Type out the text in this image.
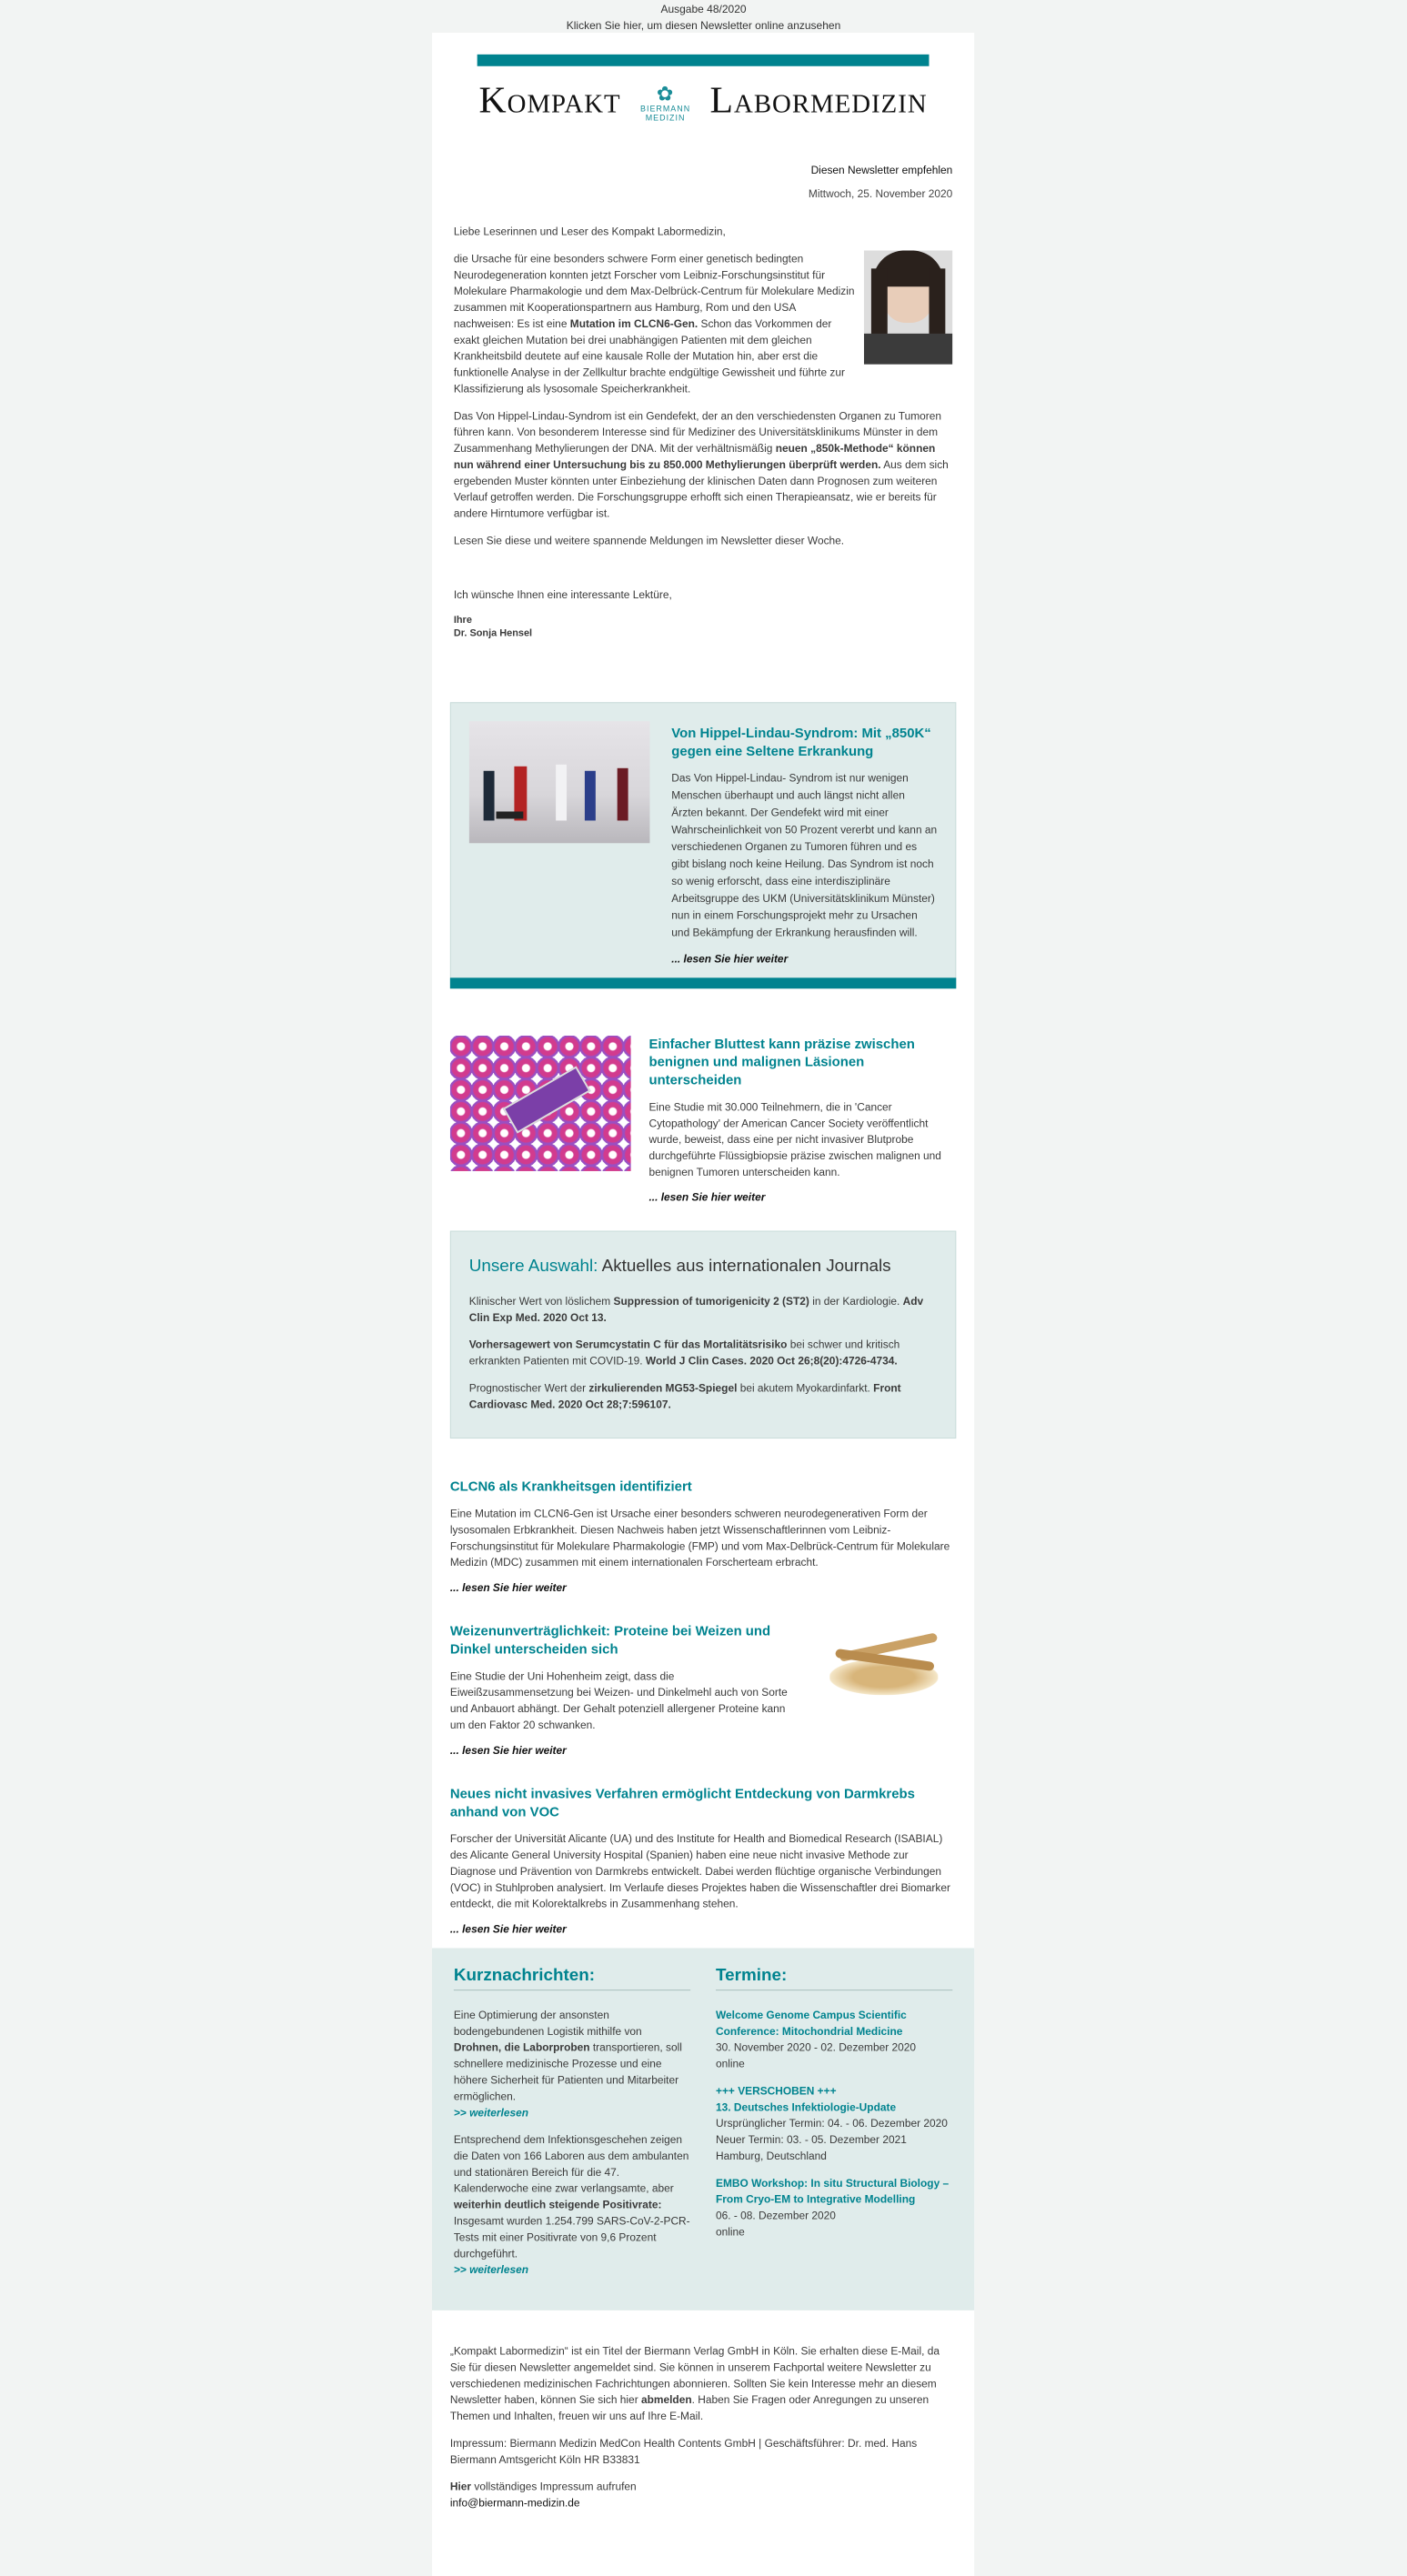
Ausgabe 48/2020
Klicken Sie hier, um diesen Newsletter online anzusehen
Kompakt	✿
BIERMANN
MEDIZIN Labormedizin
Diesen Newsletter empfehlen
Mittwoch, 25. November 2020

Liebe Leserinnen und Leser des Kompakt Labormedizin,

die Ursache für eine besonders schwere Form einer genetisch bedingten Neurodegeneration konnten jetzt Forscher vom Leibniz-Forschungsinstitut für Molekulare Pharmakologie und dem Max-Delbrück-Centrum für Molekulare Medizin zusammen mit Kooperationspartnern aus Hamburg, Rom und den USA nachweisen: Es ist eine Mutation im CLCN6-Gen. Schon das Vorkommen der exakt gleichen Mutation bei drei unabhängigen Patienten mit dem gleichen Krankheitsbild deutete auf eine kausale Rolle der Mutation hin, aber erst die funktionelle Analyse in der Zellkultur brachte endgültige Gewissheit und führte zur Klassifizierung als lysosomale Speicherkrankheit.

Das Von Hippel-Lindau-Syndrom ist ein Gendefekt, der an den verschiedensten Organen zu Tumoren führen kann. Von besonderem Interesse sind für Mediziner des Universitätsklinikums Münster in dem Zusammenhang Methylierungen der DNA. Mit der verhältnismäßig neuen „850k-Methode“ können nun während einer Untersuchung bis zu 850.000 Methylierungen überprüft werden. Aus dem sich ergebenden Muster könnten unter Einbeziehung der klinischen Daten dann Prognosen zum weiteren Verlauf getroffen werden. Die Forschungsgruppe erhofft sich einen Therapieansatz, wie er bereits für andere Hirntumore verfügbar ist.

Lesen Sie diese und weitere spannende Meldungen im Newsletter dieser Woche.

Ich wünsche Ihnen eine interessante Lektüre,

Ihre
Dr. Sonja Hensel
Von Hippel-Lindau-Syndrom: Mit „850K“ gegen eine Seltene Erkrankung

Das Von Hippel-Lindau- Syndrom ist nur wenigen Menschen überhaupt und auch längst nicht allen Ärzten bekannt. Der Gendefekt wird mit einer Wahrscheinlichkeit von 50 Prozent vererbt und kann an verschiedenen Organen zu Tumoren führen und es gibt bislang noch keine Heilung. Das Syndrom ist noch so wenig erforscht, dass eine interdisziplinäre Arbeitsgruppe des UKM (Universitätsklinikum Münster) nun in einem Forschungsprojekt mehr zu Ursachen und Bekämpfung der Erkrankung herausfinden will.

... lesen Sie hier weiter
Einfacher Bluttest kann präzise zwischen benignen und malignen Läsionen unterscheiden

Eine Studie mit 30.000 Teilnehmern, die in 'Cancer Cytopathology' der American Cancer Society veröffentlicht wurde, beweist, dass eine per nicht invasiver Blutprobe durchgeführte Flüssigbiopsie präzise zwischen malignen und benignen Tumoren unterscheiden kann.

... lesen Sie hier weiter
Unsere Auswahl: Aktuelles aus internationalen Journals

Klinischer Wert von löslichem Suppression of tumorigenicity 2 (ST2) in der Kardiologie. Adv Clin Exp Med. 2020 Oct 13.

Vorhersagewert von Serumcystatin C für das Mortalitätsrisiko bei schwer und kritisch erkrankten Patienten mit COVID-19. World J Clin Cases. 2020 Oct 26;8(20):4726-4734.

Prognostischer Wert der zirkulierenden MG53-Spiegel bei akutem Myokardinfarkt. Front Cardiovasc Med. 2020 Oct 28;7:596107.

CLCN6 als Krankheitsgen identifiziert

Eine Mutation im CLCN6-Gen ist Ursache einer besonders schweren neurodegenerativen Form der lysosomalen Erbkrankheit. Diesen Nachweis haben jetzt Wissenschaftlerinnen vom Leibniz-Forschungsinstitut für Molekulare Pharmakologie (FMP) und vom Max-Delbrück-Centrum für Molekulare Medizin (MDC) zusammen mit einem internationalen Forscherteam erbracht.

... lesen Sie hier weiter
Weizenunverträglichkeit: Proteine bei Weizen und Dinkel unterscheiden sich

Eine Studie der Uni Hohenheim zeigt, dass die Eiweißzusammensetzung bei Weizen- und Dinkelmehl auch von Sorte und Anbauort abhängt. Der Gehalt potenziell allergener Proteine kann um den Faktor 20 schwanken.

... lesen Sie hier weiter
Neues nicht invasives Verfahren ermöglicht Entdeckung von Darmkrebs anhand von VOC

Forscher der Universität Alicante (UA) und des Institute for Health and Biomedical Research (ISABIAL) des Alicante General University Hospital (Spanien) haben eine neue nicht invasive Methode zur Diagnose und Prävention von Darmkrebs entwickelt. Dabei werden flüchtige organische Verbindungen (VOC) in Stuhlproben analysiert. Im Verlaufe dieses Projektes haben die Wissenschaftler drei Biomarker entdeckt, die mit Kolorektalkrebs in Zusammenhang stehen.

... lesen Sie hier weiter
Kurznachrichten:

Eine Optimierung der ansonsten bodengebundenen Logistik mithilfe von Drohnen, die Laborproben transportieren, soll schnellere medizinische Prozesse und eine höhere Sicherheit für Patienten und Mitarbeiter ermöglichen.

>> weiterlesen

Entsprechend dem Infektionsgeschehen zeigen die Daten von 166 Laboren aus dem ambulanten und stationären Bereich für die 47. Kalenderwoche eine zwar verlangsamte, aber weiterhin deutlich steigende Positivrate: Insgesamt wurden 1.254.799 SARS-CoV-2-PCR-Tests mit einer Positivrate von 9,6 Prozent durchgeführt.

>> weiterlesen

Termine:

Welcome Genome Campus Scientific Conference: Mitochondrial Medicine
30. November 2020 - 02. Dezember 2020
online

+++ VERSCHOBEN +++
13. Deutsches Infektiologie-Update
Ursprünglicher Termin: 04. - 06. Dezember 2020
Neuer Termin: 03. - 05. Dezember 2021
Hamburg, Deutschland

EMBO Workshop: In situ Structural Biology – From Cryo-EM to Integrative Modelling
06. - 08. Dezember 2020
online

„Kompakt Labormedizin“ ist ein Titel der Biermann Verlag GmbH in Köln. Sie erhalten diese E-Mail, da Sie für diesen Newsletter angemeldet sind. Sie können in unserem Fachportal weitere Newsletter zu verschiedenen medizinischen Fachrichtungen abonnieren. Sollten Sie kein Interesse mehr an diesem Newsletter haben, können Sie sich hier abmelden. Haben Sie Fragen oder Anregungen zu unseren Themen und Inhalten, freuen wir uns auf Ihre E-Mail.

Impressum: Biermann Medizin MedCon Health Contents GmbH | Geschäftsführer: Dr. med. Hans Biermann Amtsgericht Köln HR B33831

Hier vollständiges Impressum aufrufen

info@biermann-medizin.de
